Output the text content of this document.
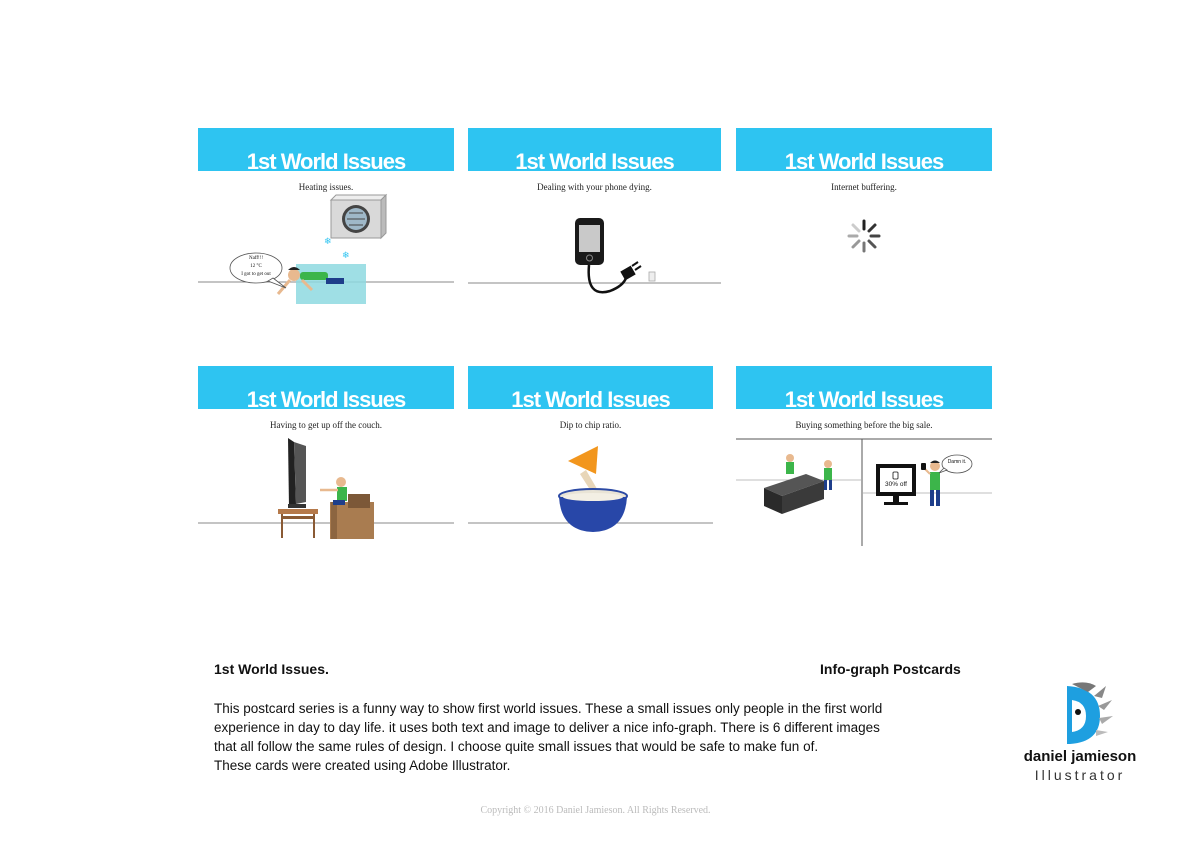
1st World Issues
Heating issues.
❄
❄
Naff!!!
12 °C
I got to get out
1st World Issues
Dealing with your phone dying.
1st World Issues
Internet buffering.
1st World Issues
Having to get up off the couch.
1st World Issues
Dip to chip ratio.
1st World Issues
Buying something before the big sale.
30% off
Damn it.
1st World Issues.	Info-graph Postcards
This postcard series is a funny way to show first world issues. These a small issues only people in the first world
experience in day to day life. it uses both text and image to deliver a nice info-graph. There is 6 different images
that all follow the same rules of design. I choose quite small issues that would be safe to make fun of.
These cards were created using Adobe Illustrator.
daniel jamieson
Illustrator
Copyright © 2016 Daniel Jamieson. All Rights Reserved.
